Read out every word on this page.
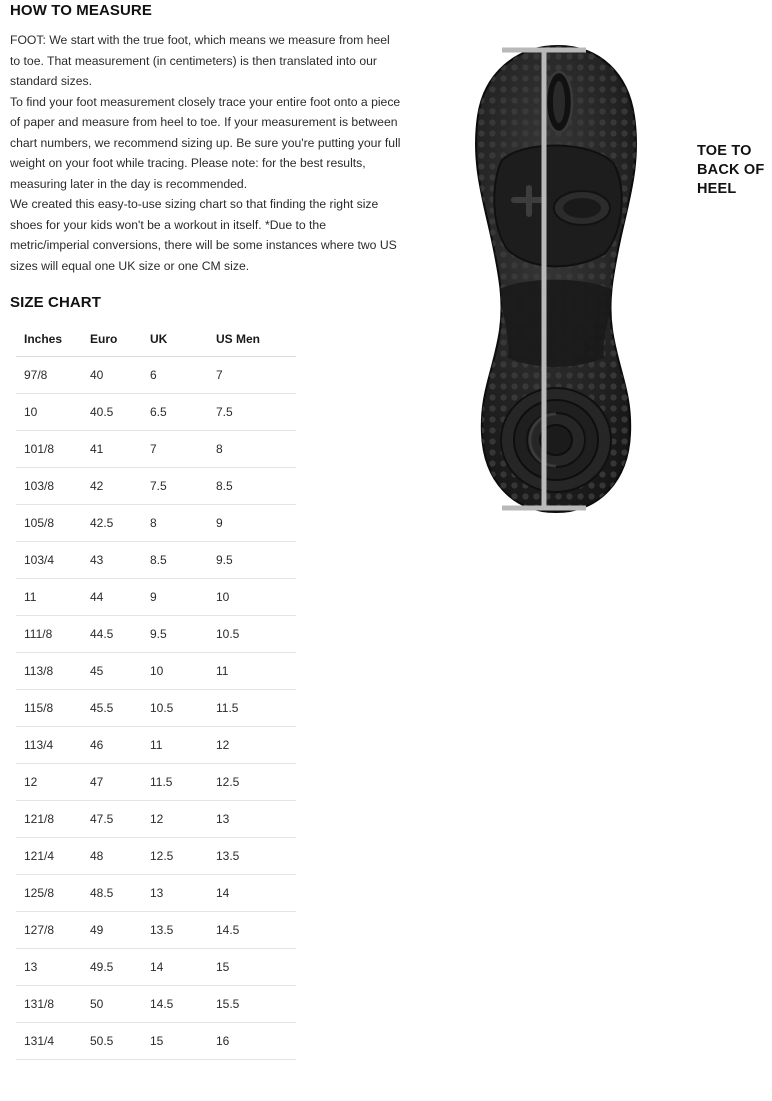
HOW TO MEASURE

FOOT: We start with the true foot, which means we measure from heel to toe. That measurement (in centimeters) is then translated into our standard sizes.

To find your foot measurement closely trace your entire foot onto a piece of paper and measure from heel to toe. If your measurement is between chart numbers, we recommend sizing up. Be sure you're putting your full weight on your foot while tracing. Please note: for the best results, measuring later in the day is recommended.

We created this easy-to-use sizing chart so that finding the right size shoes for your kids won't be a workout in itself. *Due to the metric/imperial conversions, there will be some instances where two US sizes will equal one UK size or one CM size.

SIZE CHART
Inches	Euro	UK	US Men
97/8	40	6	7
10	40.5	6.5	7.5
101/8	41	7	8
103/8	42	7.5	8.5
105/8	42.5	8	9
103/4	43	8.5	9.5
11	44	9	10
111/8	44.5	9.5	10.5
113/8	45	10	11
115/8	45.5	10.5	11.5
113/4	46	11	12
12	47	11.5	12.5
121/8	47.5	12	13
121/4	48	12.5	13.5
125/8	48.5	13	14
127/8	49	13.5	14.5
13	49.5	14	15
131/8	50	14.5	15.5
131/4	50.5	15	16
TOE TO BACK OF HEEL
